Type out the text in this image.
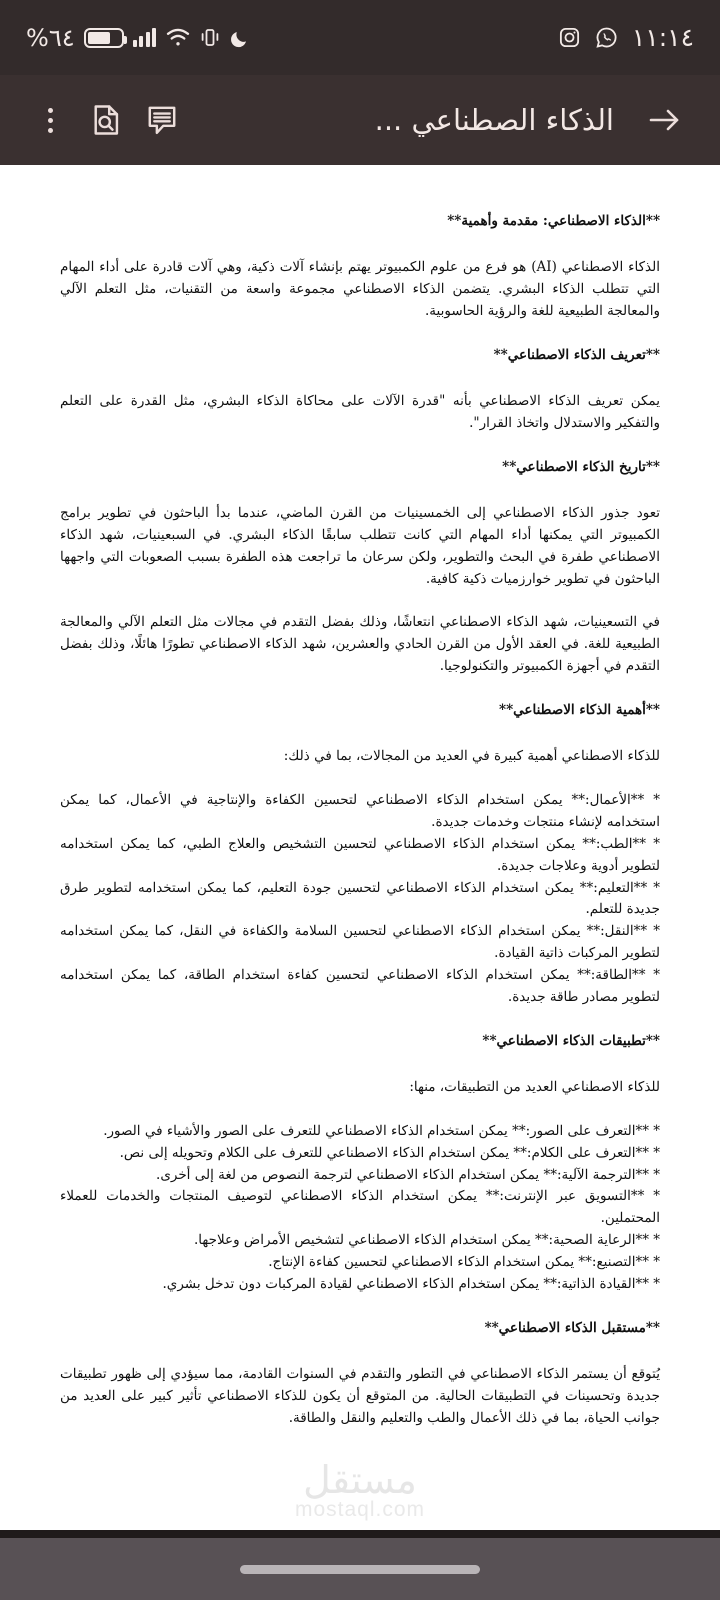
%٦٤	١١:١٤
الذكاء الصطناعي ...
**الذكاء الاصطناعي: مقدمة وأهمية**

الذكاء الاصطناعي (AI) هو فرع من علوم الكمبيوتر يهتم بإنشاء آلات ذكية، وهي آلات قادرة على أداء المهام التي تتطلب الذكاء البشري. يتضمن الذكاء الاصطناعي مجموعة واسعة من التقنيات، مثل التعلم الآلي والمعالجة الطبيعية للغة والرؤية الحاسوبية.

**تعريف الذكاء الاصطناعي**

يمكن تعريف الذكاء الاصطناعي بأنه "قدرة الآلات على محاكاة الذكاء البشري، مثل القدرة على التعلم والتفكير والاستدلال واتخاذ القرار".

**تاريخ الذكاء الاصطناعي**

تعود جذور الذكاء الاصطناعي إلى الخمسينيات من القرن الماضي، عندما بدأ الباحثون في تطوير برامج الكمبيوتر التي يمكنها أداء المهام التي كانت تتطلب سابقًا الذكاء البشري. في السبعينيات، شهد الذكاء الاصطناعي طفرة في البحث والتطوير، ولكن سرعان ما تراجعت هذه الطفرة بسبب الصعوبات التي واجهها الباحثون في تطوير خوارزميات ذكية كافية.

في التسعينيات، شهد الذكاء الاصطناعي انتعاشًا، وذلك بفضل التقدم في مجالات مثل التعلم الآلي والمعالجة الطبيعية للغة. في العقد الأول من القرن الحادي والعشرين، شهد الذكاء الاصطناعي تطورًا هائلًا، وذلك بفضل التقدم في أجهزة الكمبيوتر والتكنولوجيا.

**أهمية الذكاء الاصطناعي**

للذكاء الاصطناعي أهمية كبيرة في العديد من المجالات، بما في ذلك:

* **الأعمال:** يمكن استخدام الذكاء الاصطناعي لتحسين الكفاءة والإنتاجية في الأعمال، كما يمكن استخدامه لإنشاء منتجات وخدمات جديدة.
* **الطب:** يمكن استخدام الذكاء الاصطناعي لتحسين التشخيص والعلاج الطبي، كما يمكن استخدامه لتطوير أدوية وعلاجات جديدة.
* **التعليم:** يمكن استخدام الذكاء الاصطناعي لتحسين جودة التعليم، كما يمكن استخدامه لتطوير طرق جديدة للتعلم.
* **النقل:** يمكن استخدام الذكاء الاصطناعي لتحسين السلامة والكفاءة في النقل، كما يمكن استخدامه لتطوير المركبات ذاتية القيادة.
* **الطاقة:** يمكن استخدام الذكاء الاصطناعي لتحسين كفاءة استخدام الطاقة، كما يمكن استخدامه لتطوير مصادر طاقة جديدة.
**تطبيقات الذكاء الاصطناعي**

للذكاء الاصطناعي العديد من التطبيقات، منها:

* **التعرف على الصور:** يمكن استخدام الذكاء الاصطناعي للتعرف على الصور والأشياء في الصور.
* **التعرف على الكلام:** يمكن استخدام الذكاء الاصطناعي للتعرف على الكلام وتحويله إلى نص.
* **الترجمة الآلية:** يمكن استخدام الذكاء الاصطناعي لترجمة النصوص من لغة إلى أخرى.
* **التسويق عبر الإنترنت:** يمكن استخدام الذكاء الاصطناعي لتوصيف المنتجات والخدمات للعملاء المحتملين.
* **الرعاية الصحية:** يمكن استخدام الذكاء الاصطناعي لتشخيص الأمراض وعلاجها.
* **التصنيع:** يمكن استخدام الذكاء الاصطناعي لتحسين كفاءة الإنتاج.
* **القيادة الذاتية:** يمكن استخدام الذكاء الاصطناعي لقيادة المركبات دون تدخل بشري.
**مستقبل الذكاء الاصطناعي**

يُتوقع أن يستمر الذكاء الاصطناعي في التطور والتقدم في السنوات القادمة، مما سيؤدي إلى ظهور تطبيقات جديدة وتحسينات في التطبيقات الحالية. من المتوقع أن يكون للذكاء الاصطناعي تأثير كبير على العديد من جوانب الحياة، بما في ذلك الأعمال والطب والتعليم والنقل والطاقة.

مستقل
mostaql.com
